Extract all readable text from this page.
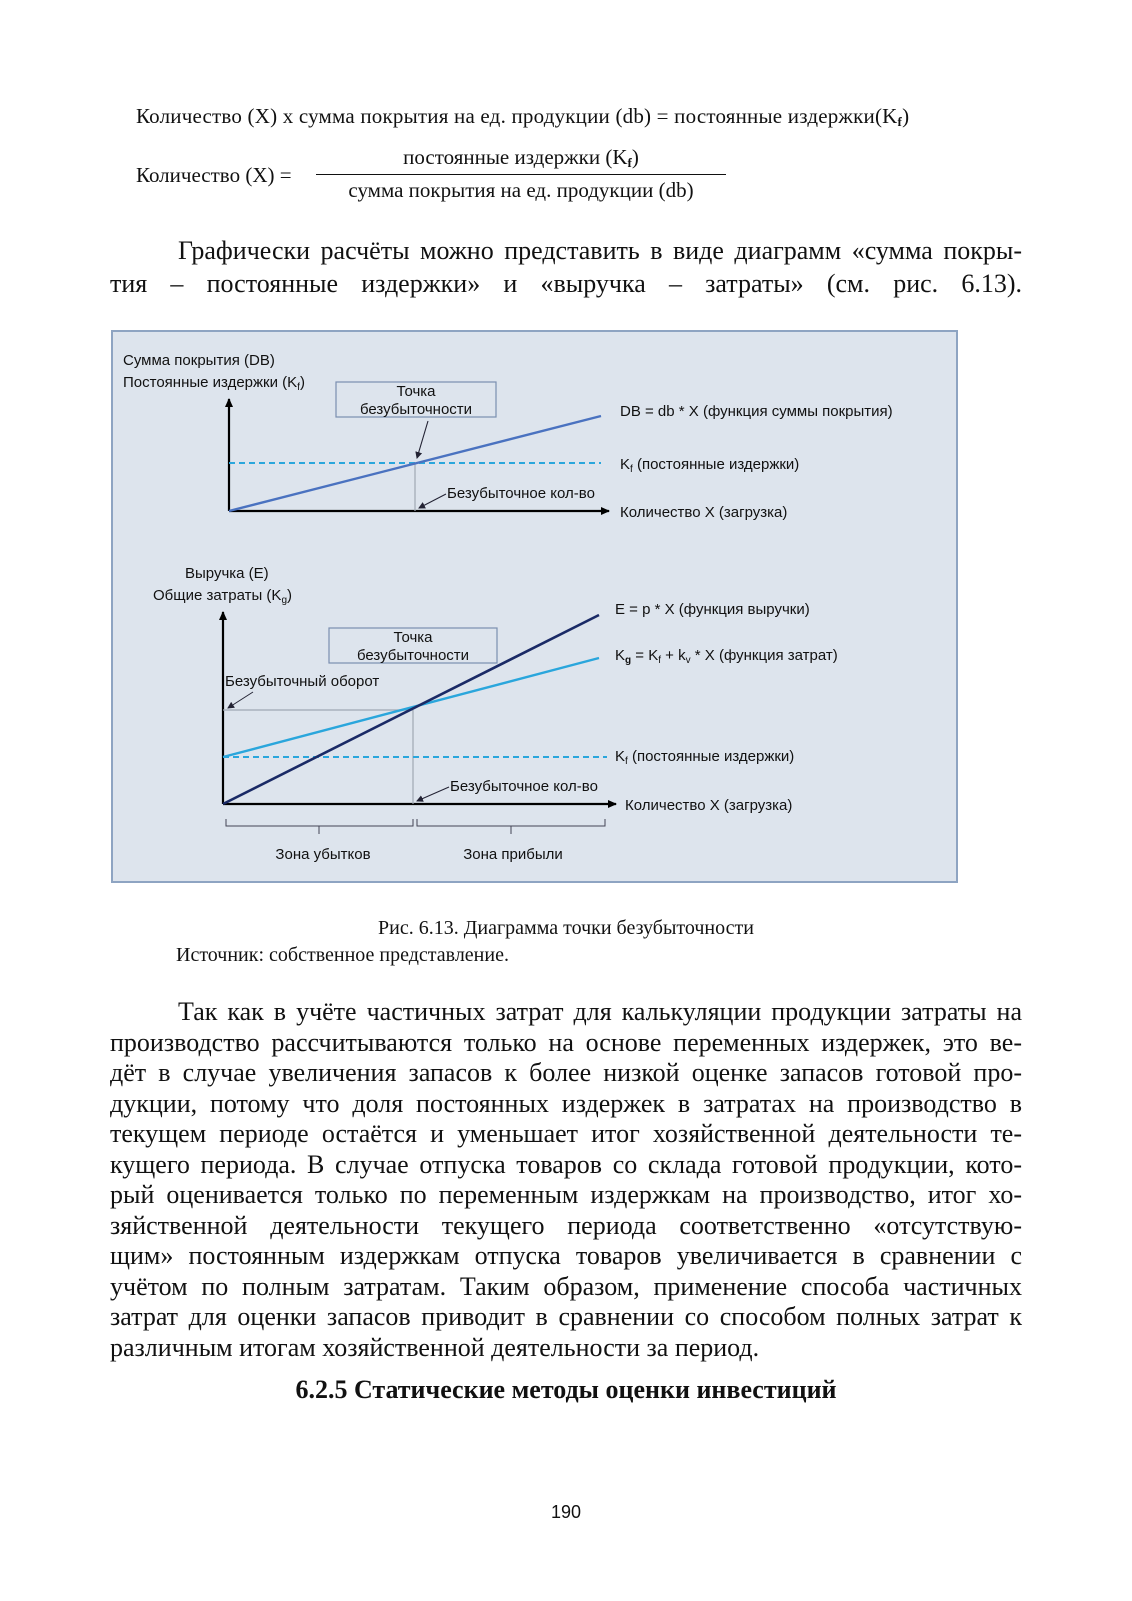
Количество (X) x сумма покрытия на ед. продукции (db) = постоянные $издержки(K_f)$
Количество (X) =
постоянные издержки $(K_f)$
сумма покрытия на ед. продукции (db)
Графически расчёты можно представить в виде диаграмм «сумма покры-
тия – постоянные издержки» и «выручка – затраты» (см. рис. 6.13).
Сумма покрытия (DB)
Постоянные издержки $(K_f)$
Точка
безубыточности	DB = db * X (функция суммы покрытия)
$K_f$ (постоянные издержки)
Безубыточное кол-во
Количество X (загрузка)
Выручка (E)
Общие затраты $(K_g)$
Точка
безубыточности
Безубыточный оборот
E = p * X (функция выручки)
$K_g = K_f + k_v * X$ (функция затрат)
$K_f$ (постоянные издержки)
Безубыточное кол-во
Количество X (загрузка)
Зона убытков	Зона прибыли
Рис. 6.13. Диаграмма точки безубыточности
Источник: собственное представление.
Так как в учёте частичных затрат для калькуляции продукции затраты на
производство рассчитываются только на основе переменных издержек, это ве-
дёт в случае увеличения запасов к более низкой оценке запасов готовой про-
дукции, потому что доля постоянных издержек в затратах на производство в
текущем периоде остаётся и уменьшает итог хозяйственной деятельности те-
кущего периода. В случае отпуска товаров со склада готовой продукции, кото-
рый оценивается только по переменным издержкам на производство, итог хо-
зяйственной деятельности текущего периода соответственно «отсутствую-
щим» постоянным издержкам отпуска товаров увеличивается в сравнении с
учётом по полным затратам. Таким образом, применение способа частичных
затрат для оценки запасов приводит в сравнении со способом полных затрат к
различным итогам хозяйственной деятельности за период.
6.2.5 Статические методы оценки инвестиций
190
